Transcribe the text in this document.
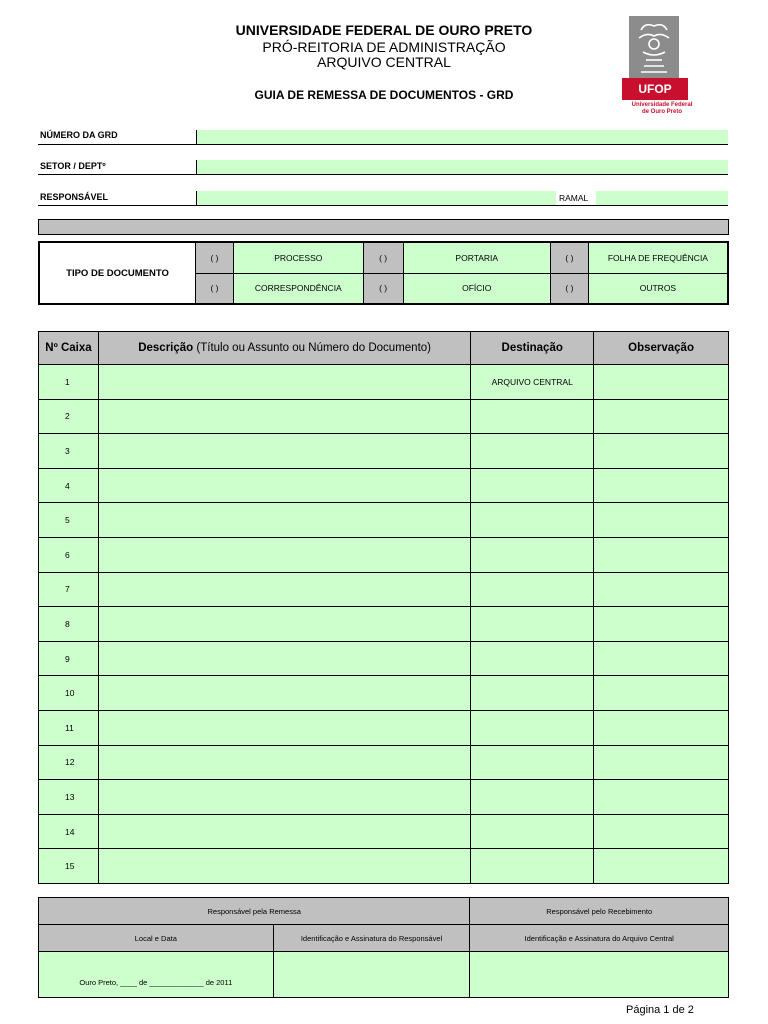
UNIVERSIDADE FEDERAL DE OURO PRETO
PRÓ-REITORIA DE ADMINISTRAÇÃO
ARQUIVO CENTRAL
GUIA DE REMESSA DE DOCUMENTOS - GRD	UFOP
Universidade Federal
de Ouro Preto
NÚMERO DA GRD
SETOR / DEPTº
RESPONSÁVEL	RAMAL
TIPO DE DOCUMENTO	( )	PROCESSO	( )	PORTARIA	( )	FOLHA DE FREQUÊNCIA
	( )	CORRESPONDÊNCIA	( )	OFÍCIO	( )	OUTROS
Nº Caixa	Descrição (Título ou Assunto ou Número do Documento)	Destinação	Observação
1		ARQUIVO CENTRAL	
2			
3			
4			
5			
6			
7			
8			
9			
10			
11			
12			
13			
14			
15			
Responsável pela Remessa		Responsável pelo Recebimento
Local e Data	Identificação e Assinatura do Responsável	Identificação e Assinatura do Arquivo Central
Ouro Preto, ____ de _____________ de 2011		
Página 1 de 2
